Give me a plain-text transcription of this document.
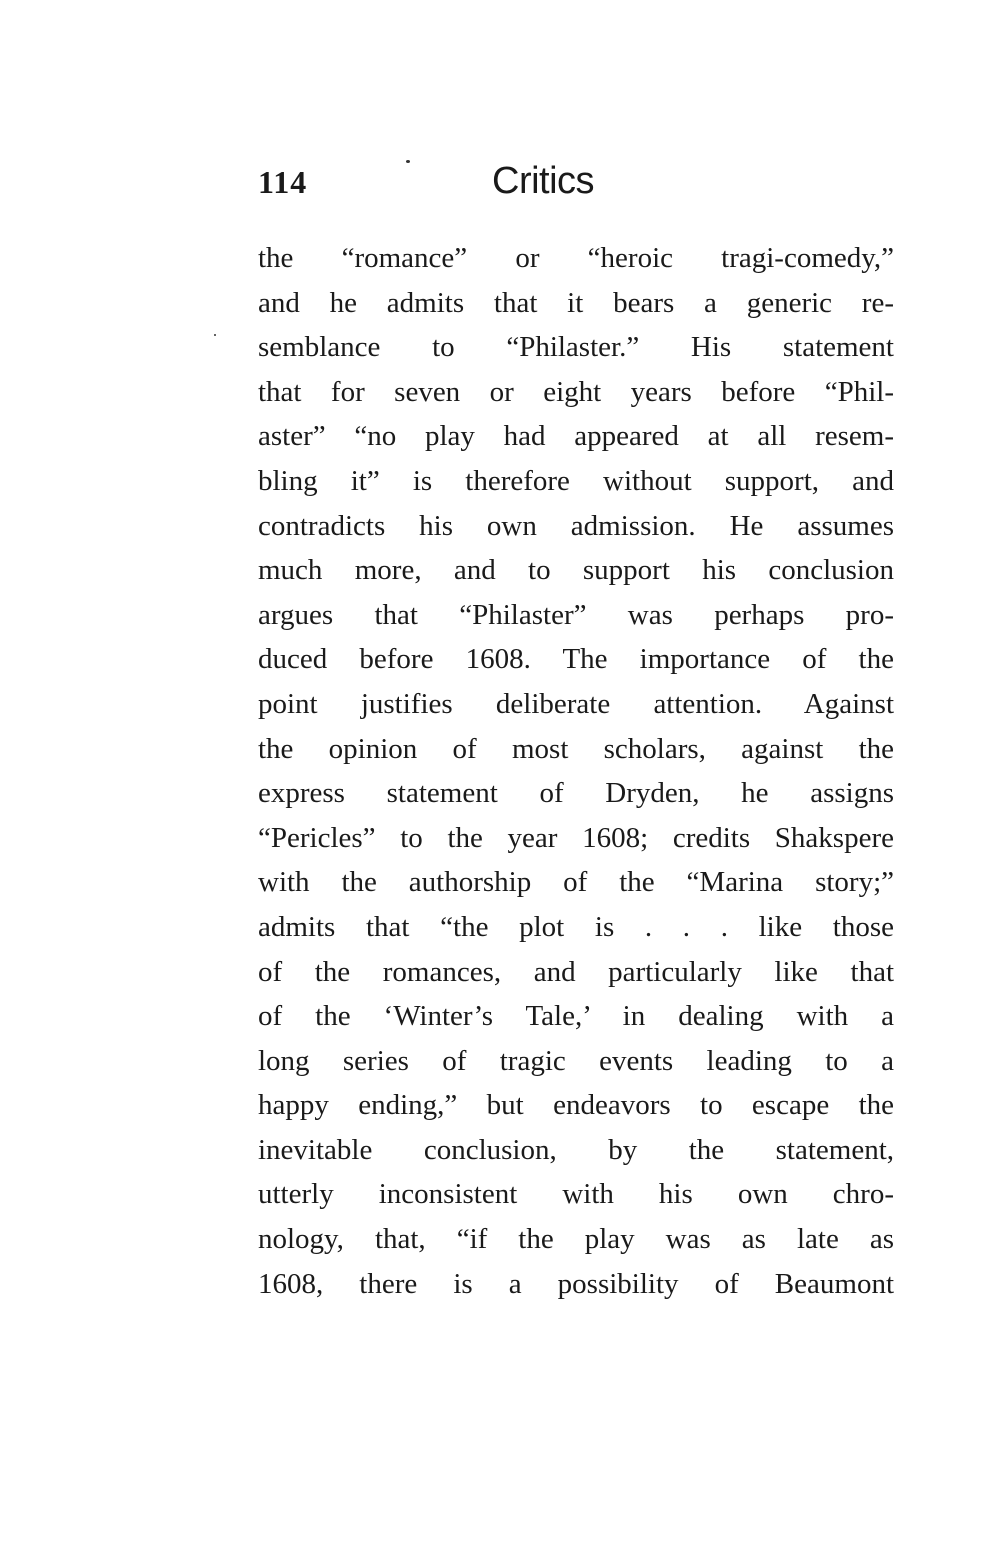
114	Critics
the “romance” or “heroic tragi-comedy,”
and he admits that it bears a generic re-
semblance to “Philaster.” His statement
that for seven or eight years before “Phil-
aster” “no play had appeared at all resem-
bling it” is therefore without support, and
contradicts his own admission. He assumes
much more, and to support his conclusion
argues that “Philaster” was perhaps pro-
duced before 1608. The importance of the
point justifies deliberate attention. Against
the opinion of most scholars, against the
express statement of Dryden, he assigns
“Pericles” to the year 1608; credits Shakspere
with the authorship of the “Marina story;”
admits that “the plot is . . . like those
of the romances, and particularly like that
of the ‘Winter’s Tale,’ in dealing with a
long series of tragic events leading to a
happy ending,” but endeavors to escape the
inevitable conclusion, by the statement,
utterly inconsistent with his own chro-
nology, that, “if the play was as late as
1608, there is a possibility of Beaumont
